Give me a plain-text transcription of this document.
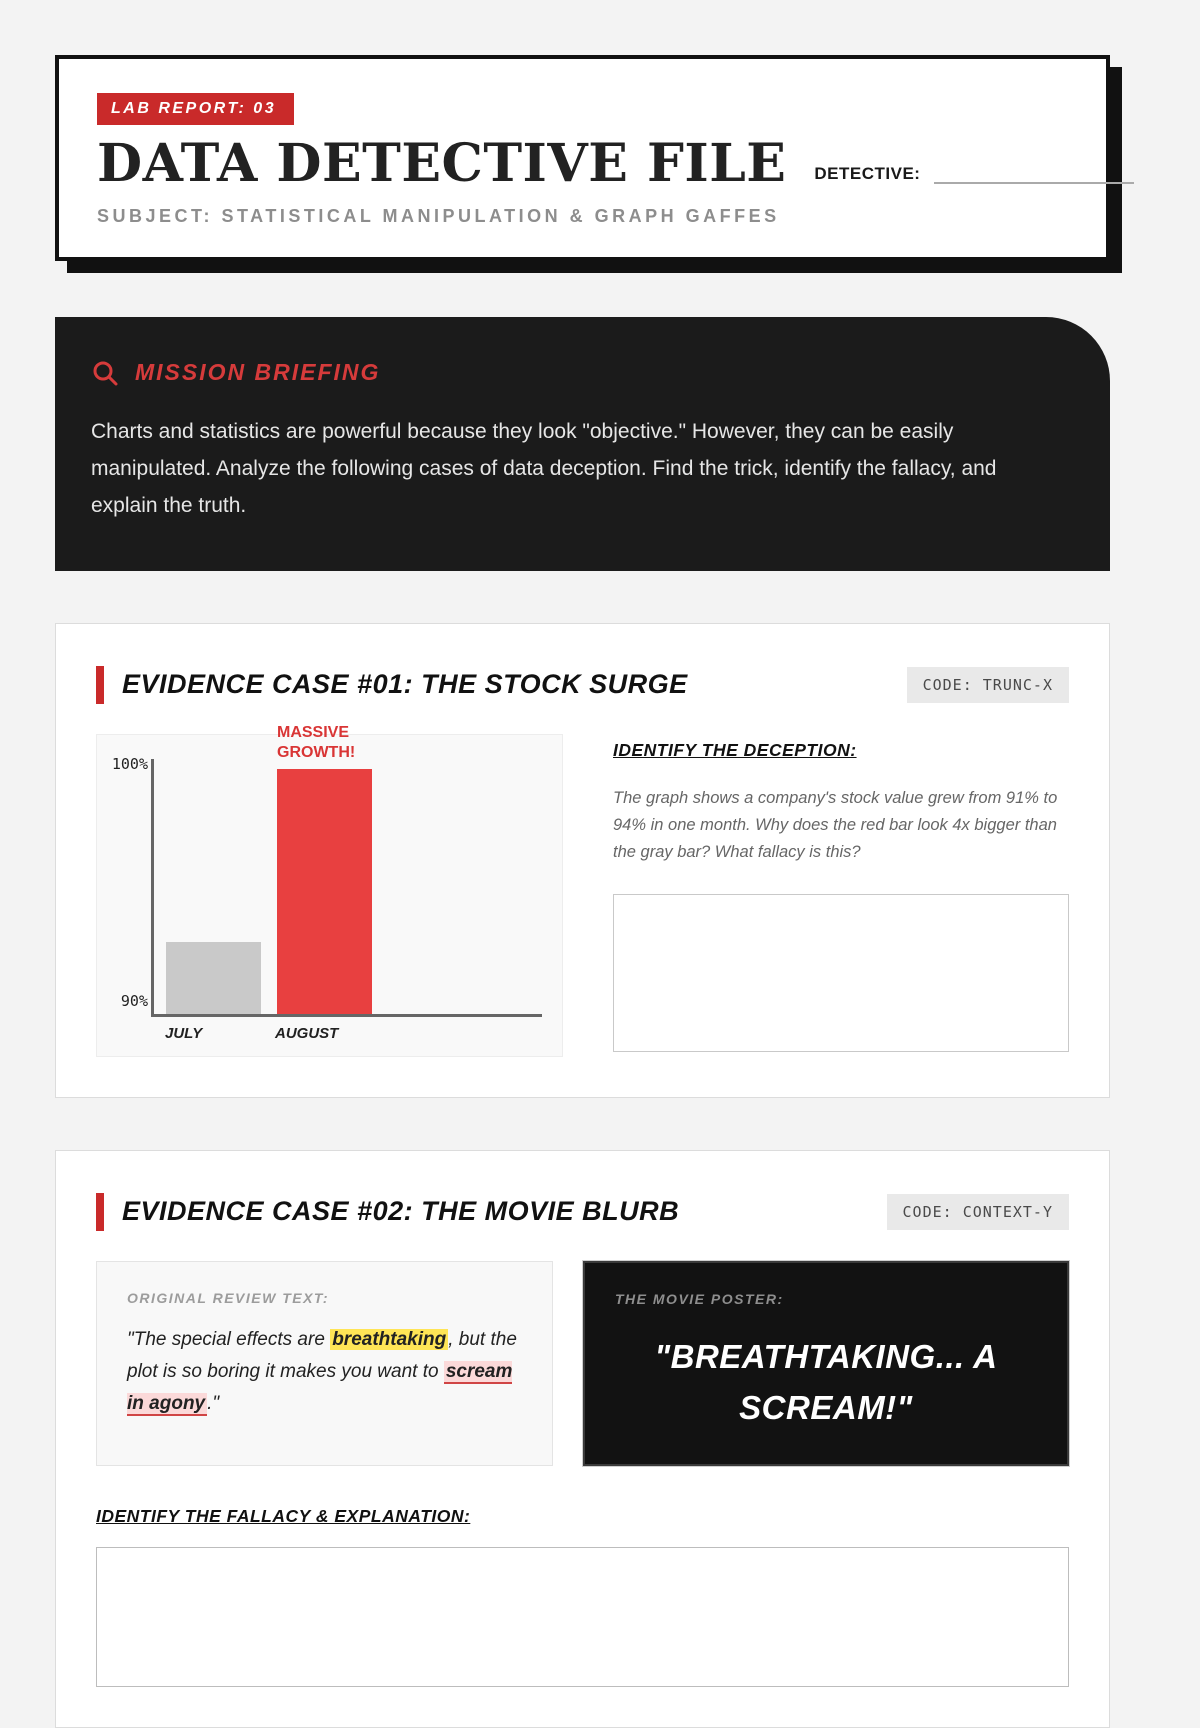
LAB REPORT: 03
DATA DETECTIVE FILE DETECTIVE:
SUBJECT: STATISTICAL MANIPULATION & GRAPH GAFFES
MISSION BRIEFING

Charts and statistics are powerful because they look "objective." However, they can be easily manipulated. Analyze the following cases of data deception. Find the trick, identify the fallacy, and explain the truth.

EVIDENCE CASE #01: THE STOCK SURGE	CODE: TRUNC-X
100%
90%
MASSIVE GROWTH!
JULY	AUGUST
IDENTIFY THE DECEPTION:

The graph shows a company's stock value grew from 91% to 94% in one month. Why does the red bar look 4x bigger than the gray bar? What fallacy is this?

EVIDENCE CASE #02: THE MOVIE BLURB	CODE: CONTEXT-Y
ORIGINAL REVIEW TEXT:

"The special effects are breathtaking , but the plot is so boring it makes you want to scream in agony ."

THE MOVIE POSTER:
"BREATHTAKING... A SCREAM!"
IDENTIFY THE FALLACY & EXPLANATION:
